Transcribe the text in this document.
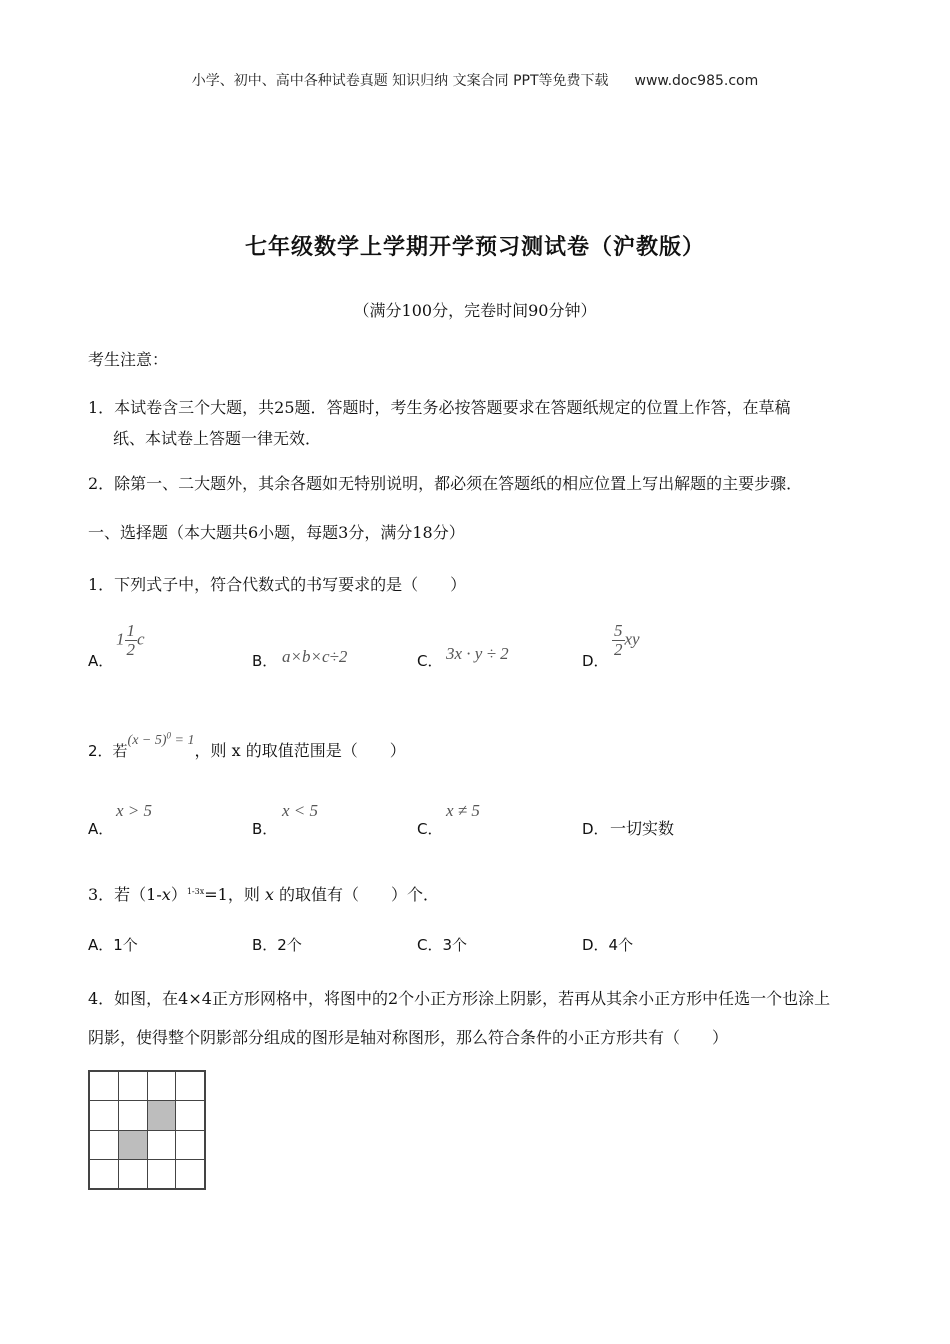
小学、初中、高中各种试卷真题 知识归纳 文案合同 PPT等免费下载 www.doc985.com
七年级数学上学期开学预习测试卷（沪教版）
（满分100分，完卷时间90分钟）
考生注意：
1．本试卷含三个大题，共25题．答题时，考生务必按答题要求在答题纸规定的位置上作答，在草稿
纸、本试卷上答题一律无效．
2．除第一、二大题外，其余各题如无特别说明，都必须在答题纸的相应位置上写出解题的主要步骤．
一、选择题（本大题共6小题，每题3分，满分18分）
1．下列式子中，符合代数式的书写要求的是（　　）
A．
$1 \frac{1}{2}$ c
B． a×b×c÷2	C． 3x · y ÷ 2	D．
$\frac{5}{2}$ xy
2．若$(x - 5)^0 = 1$，则 x 的取值范围是（　　）
A．
x > 5
B．
x < 5
C．
x ≠ 5
D． 一切实数
3．若$(1-x)^{1-3x}=1$，则 x 的取值有（　　）个．
A．1个	B．2个	C．3个	D．4个
4．如图，在4×4正方形网格中，将图中的2个小正方形涂上阴影，若再从其余小正方形中任选一个也涂上
阴影，使得整个阴影部分组成的图形是轴对称图形，那么符合条件的小正方形共有（　　）
